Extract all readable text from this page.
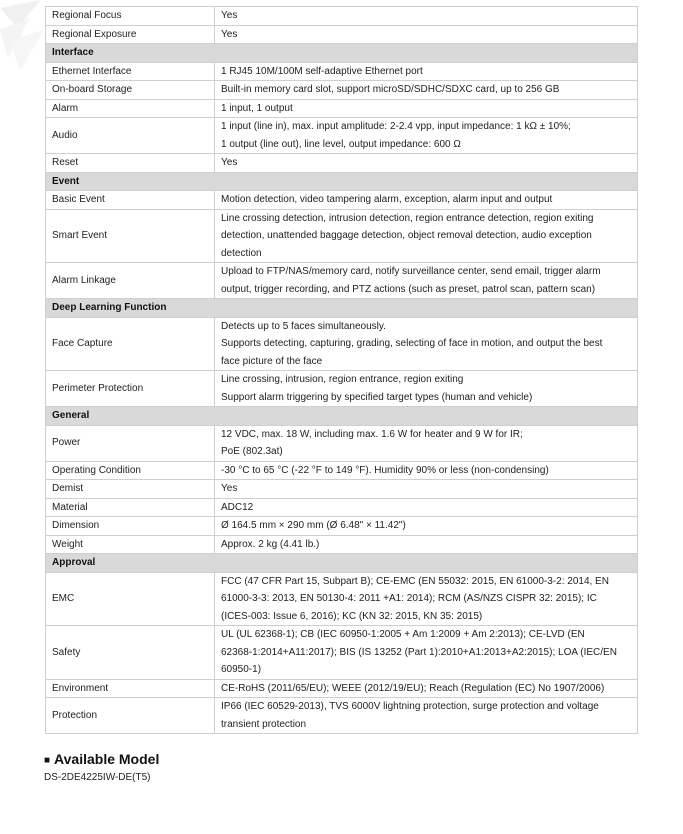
Regional Focus	Yes

Regional Exposure	Yes

Interface	
Ethernet Interface	1 RJ45 10M/100M self-adaptive Ethernet port

On-board Storage	Built-in memory card slot, support microSD/SDHC/SDXC card, up to 256 GB

Alarm	1 input, 1 output

Audio	1 input (line in), max. input amplitude: 2-2.4 vpp, input impedance: 1 kΩ ± 10%;
1 output (line out), line level, output impedance: 600 Ω

Reset	Yes

Event	
Basic Event	Motion detection, video tampering alarm, exception, alarm input and output

Smart Event	Line crossing detection, intrusion detection, region entrance detection, region exiting
detection, unattended baggage detection, object removal detection, audio exception
detection

Alarm Linkage	Upload to FTP/NAS/memory card, notify surveillance center, send email, trigger alarm
output, trigger recording, and PTZ actions (such as preset, patrol scan, pattern scan)

Deep Learning Function	
Face Capture	Detects up to 5 faces simultaneously.
Supports detecting, capturing, grading, selecting of face in motion, and output the best
face picture of the face

Perimeter Protection	Line crossing, intrusion, region entrance, region exiting
Support alarm triggering by specified target types (human and vehicle)

General	
Power	12 VDC, max. 18 W, including max. 1.6 W for heater and 9 W for IR;
PoE (802.3at)

Operating Condition	-30 °C to 65 °C (-22 °F to 149 °F). Humidity 90% or less (non-condensing)

Demist	Yes

Material	ADC12

Dimension	Ø 164.5 mm × 290 mm (Ø 6.48" × 11.42")

Weight	Approx. 2 kg (4.41 lb.)

Approval	
EMC	FCC (47 CFR Part 15, Subpart B); CE-EMC (EN 55032: 2015, EN 61000-3-2: 2014, EN
61000-3-3: 2013, EN 50130-4: 2011 +A1: 2014); RCM (AS/NZS CISPR 32: 2015); IC
(ICES-003: Issue 6, 2016); KC (KN 32: 2015, KN 35: 2015)

Safety	UL (UL 62368-1); CB (IEC 60950-1:2005 + Am 1:2009 + Am 2:2013); CE-LVD (EN
62368-1:2014+A11:2017); BIS (IS 13252 (Part 1):2010+A1:2013+A2:2015); LOA (IEC/EN
60950-1)

Environment	CE-RoHS (2011/65/EU); WEEE (2012/19/EU); Reach (Regulation (EC) No 1907/2006)

Protection	IP66 (IEC 60529-2013), TVS 6000V lightning protection, surge protection and voltage
transient protection
■ Available Model
DS-2DE4225IW-DE(T5)
